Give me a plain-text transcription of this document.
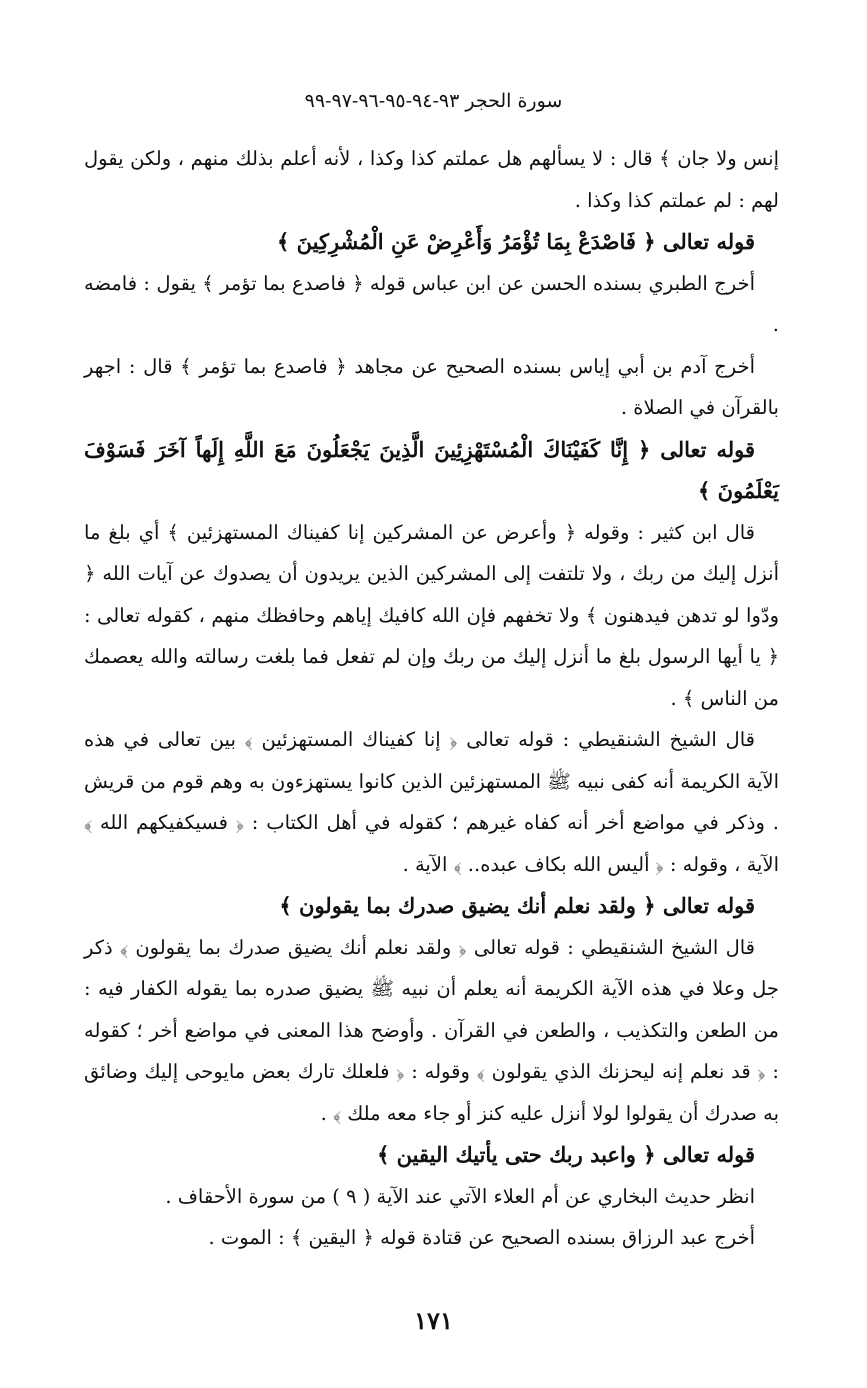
سورة الحجر ٩٣-٩٤-٩٥-٩٦-٩٧-٩٩

إنس ولا جان ﴾ قال : لا يسألهم هل عملتم كذا وكذا ، لأنه أعلم بذلك منهم ، ولكن يقول لهم : لم عملتم كذا وكذا .

قوله تعالى ﴿ فَاصْدَعْ بِمَا تُؤْمَرُ وَأَعْرِضْ عَنِ الْمُشْرِكِينَ ﴾

أخرج الطبري بسنده الحسن عن ابن عباس قوله ﴿ فاصدع بما تؤمر ﴾ يقول : فامضه .

أخرج آدم بن أبي إياس بسنده الصحيح عن مجاهد ﴿ فاصدع بما تؤمر ﴾ قال : اجهر بالقرآن في الصلاة .

قوله تعالى ﴿ إِنَّا كَفَيْنَاكَ الْمُسْتَهْزِئِينَ الَّذِينَ يَجْعَلُونَ مَعَ اللَّهِ إِلَهاً آخَرَ فَسَوْفَ يَعْلَمُونَ ﴾

قال ابن كثير : وقوله ﴿ وأعرض عن المشركين إنا كفيناك المستهزئين ﴾ أي بلغ ما أنزل إليك من ربك ، ولا تلتفت إلى المشركين الذين يريدون أن يصدوك عن آيات الله ﴿ ودّوا لو تدهن فيدهنون ﴾ ولا تخفهم فإن الله كافيك إياهم وحافظك منهم ، كقوله تعالى : ﴿ يا أيها الرسول بلغ ما أنزل إليك من ربك وإن لم تفعل فما بلغت رسالته والله يعصمك من الناس ﴾ .

قال الشيخ الشنقيطي : قوله تعالى ﴿ إنا كفيناك المستهزئين ﴾ بين تعالى في هذه الآية الكريمة أنه كفى نبيه ﷺ المستهزئين الذين كانوا يستهزءون به وهم قوم من قريش . وذكر في مواضع أخر أنه كفاه غيرهم ؛ كقوله في أهل الكتاب : ﴿ فسيكفيكهم الله ﴾ الآية ، وقوله : ﴿ أليس الله بكاف عبده.. ﴾ الآية .

قوله تعالى ﴿ ولقد نعلم أنك يضيق صدرك بما يقولون ﴾

قال الشيخ الشنقيطي : قوله تعالى ﴿ ولقد نعلم أنك يضيق صدرك بما يقولون ﴾ ذكر جل وعلا في هذه الآية الكريمة أنه يعلم أن نبيه ﷺ يضيق صدره بما يقوله الكفار فيه : من الطعن والتكذيب ، والطعن في القرآن . وأوضح هذا المعنى في مواضع أخر ؛ كقوله : ﴿ قد نعلم إنه ليحزنك الذي يقولون ﴾ وقوله : ﴿ فلعلك تارك بعض مايوحى إليك وضائق به صدرك أن يقولوا لولا أنزل عليه كنز أو جاء معه ملك ﴾ .

قوله تعالى ﴿ واعبد ربك حتى يأتيك اليقين ﴾

انظر حديث البخاري عن أم العلاء الآتي عند الآية ( ٩ ) من سورة الأحقاف .

أخرج عبد الرزاق بسنده الصحيح عن قتادة قوله ﴿ اليقين ﴾ : الموت .

١٧١
